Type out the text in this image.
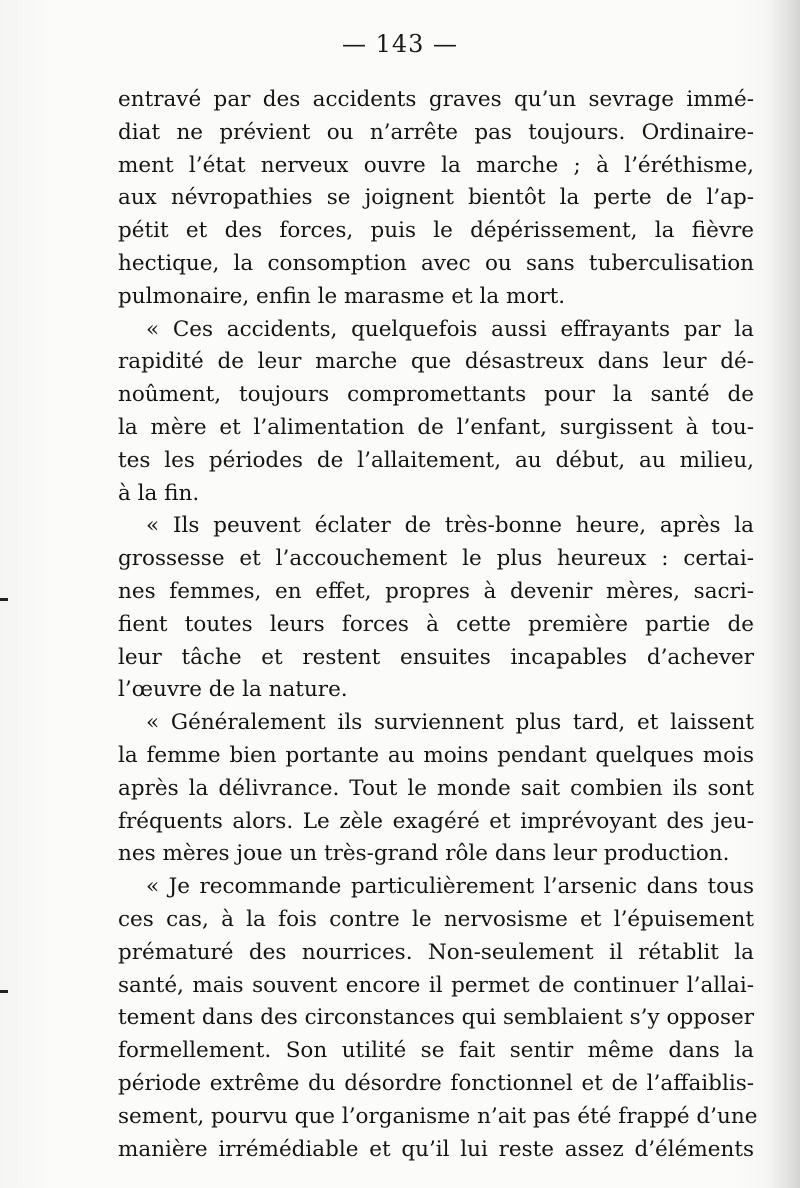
— 143 —
entravé par des accidents graves qu’un sevrage immé-
diat ne prévient ou n’arrête pas toujours. Ordinaire-
ment l’état nerveux ouvre la marche ; à l’éréthisme,
aux névropathies se joignent bientôt la perte de l’ap-
pétit et des forces, puis le dépérissement, la fièvre
hectique, la consomption avec ou sans tuberculisation
pulmonaire, enfin le marasme et la mort.
« Ces accidents, quelquefois aussi effrayants par la
rapidité de leur marche que désastreux dans leur dé-
noûment, toujours compromettants pour la santé de
la mère et l’alimentation de l’enfant, surgissent à tou-
tes les périodes de l’allaitement, au début, au milieu,
à la fin.
« Ils peuvent éclater de très-bonne heure, après la
grossesse et l’accouchement le plus heureux : certai-
nes femmes, en effet, propres à devenir mères, sacri-
fient toutes leurs forces à cette première partie de
leur tâche et restent ensuites incapables d’achever
l’œuvre de la nature.
« Généralement ils surviennent plus tard, et laissent
la femme bien portante au moins pendant quelques mois
après la délivrance. Tout le monde sait combien ils sont
fréquents alors. Le zèle exagéré et imprévoyant des jeu-
nes mères joue un très-grand rôle dans leur production.
« Je recommande particulièrement l’arsenic dans tous
ces cas, à la fois contre le nervosisme et l’épuisement
prématuré des nourrices. Non-seulement il rétablit la
santé, mais souvent encore il permet de continuer l’allai-
tement dans des circonstances qui semblaient s’y opposer
formellement. Son utilité se fait sentir même dans la
période extrême du désordre fonctionnel et de l’affaiblis-
sement, pourvu que l’organisme n’ait pas été frappé d’une
manière irrémédiable et qu’il lui reste assez d’éléments
